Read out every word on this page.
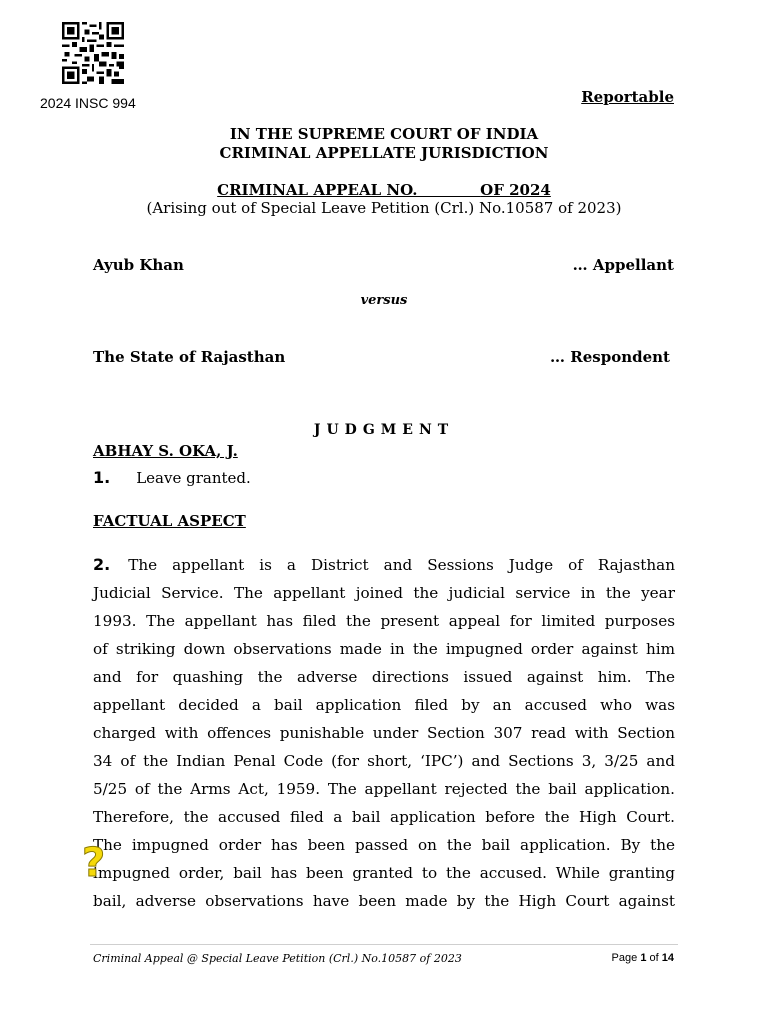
2024 INSC 994	Reportable
IN THE SUPREME COURT OF INDIA
CRIMINAL APPELLATE JURISDICTION
CRIMINAL APPEAL NO.	OF 2024
(Arising out of Special Leave Petition (Crl.) No.10587 of 2023)
Ayub Khan	… Appellant
versus
The State of Rajasthan	… Respondent
JUDGMENT
ABHAY S. OKA, J.
1. Leave granted.
FACTUAL ASPECT
2. The appellant is a District and Sessions Judge of Rajasthan
Judicial Service. The appellant joined the judicial service in the year
1993. The appellant has filed the present appeal for limited purposes
of striking down observations made in the impugned order against him
and for quashing the adverse directions issued against him. The
appellant decided a bail application filed by an accused who was
charged with offences punishable under Section 307 read with Section
34 of the Indian Penal Code (for short, ‘IPC’) and Sections 3, 3/25 and
5/25 of the Arms Act, 1959. The appellant rejected the bail application.
Therefore, the accused filed a bail application before the High Court.
The impugned order has been passed on the bail application. By the
impugned order, bail has been granted to the accused. While granting
bail, adverse observations have been made by the High Court against
?
Criminal Appeal @ Special Leave Petition (Crl.) No.10587 of 2023	Page 1 of 14
